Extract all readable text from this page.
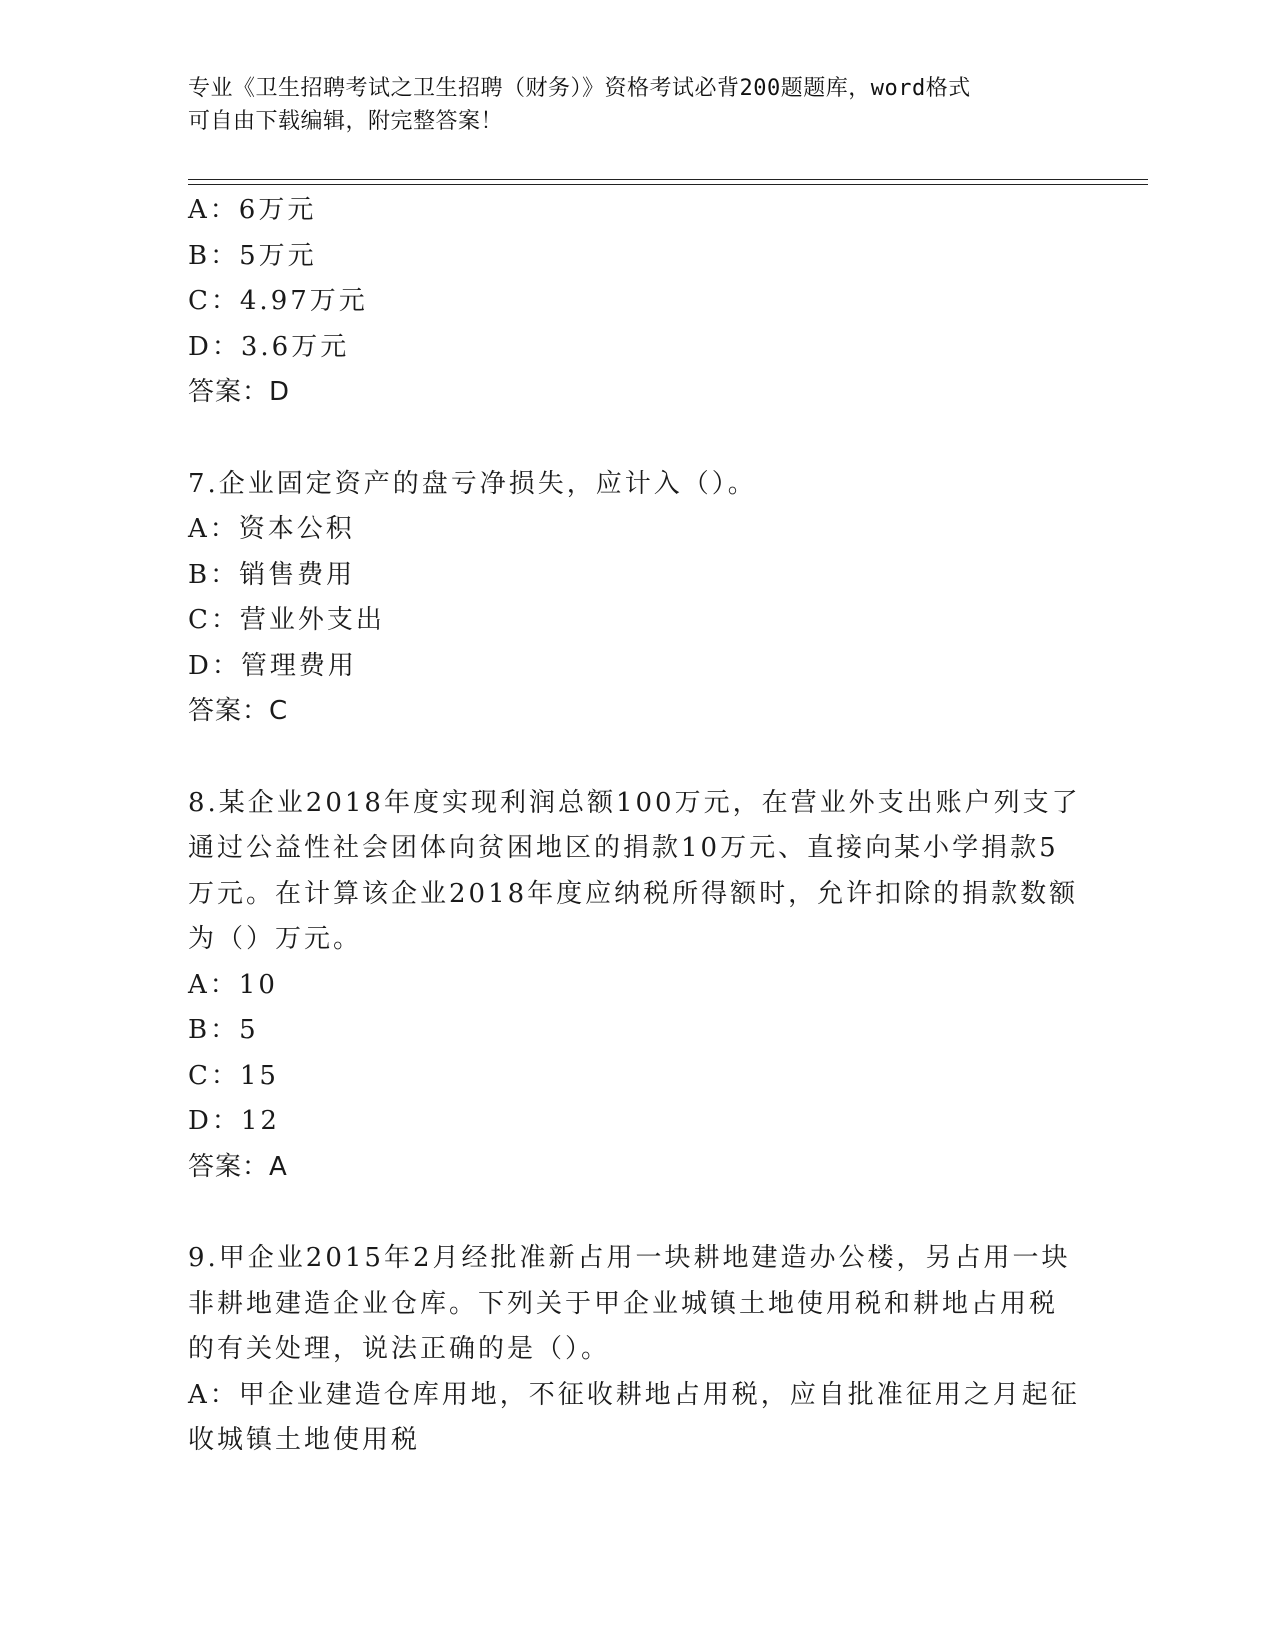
专业《卫生招聘考试之卫生招聘（财务）》资格考试必背200题题库，word格式
可自由下载编辑，附完整答案！
A：6万元
B：5万元
C：4.97万元
D：3.6万元
答案：D
7.企业固定资产的盘亏净损失，应计入（）。
A：资本公积
B：销售费用
C：营业外支出
D：管理费用
答案：C
8.某企业2018年度实现利润总额100万元，在营业外支出账户列支了
通过公益性社会团体向贫困地区的捐款10万元、直接向某小学捐款5
万元。在计算该企业2018年度应纳税所得额时，允许扣除的捐款数额
为（）万元。
A：10
B：5
C：15
D：12
答案：A
9.甲企业2015年2月经批准新占用一块耕地建造办公楼，另占用一块
非耕地建造企业仓库。下列关于甲企业城镇土地使用税和耕地占用税
的有关处理，说法正确的是（）。
A：甲企业建造仓库用地，不征收耕地占用税，应自批准征用之月起征
收城镇土地使用税
